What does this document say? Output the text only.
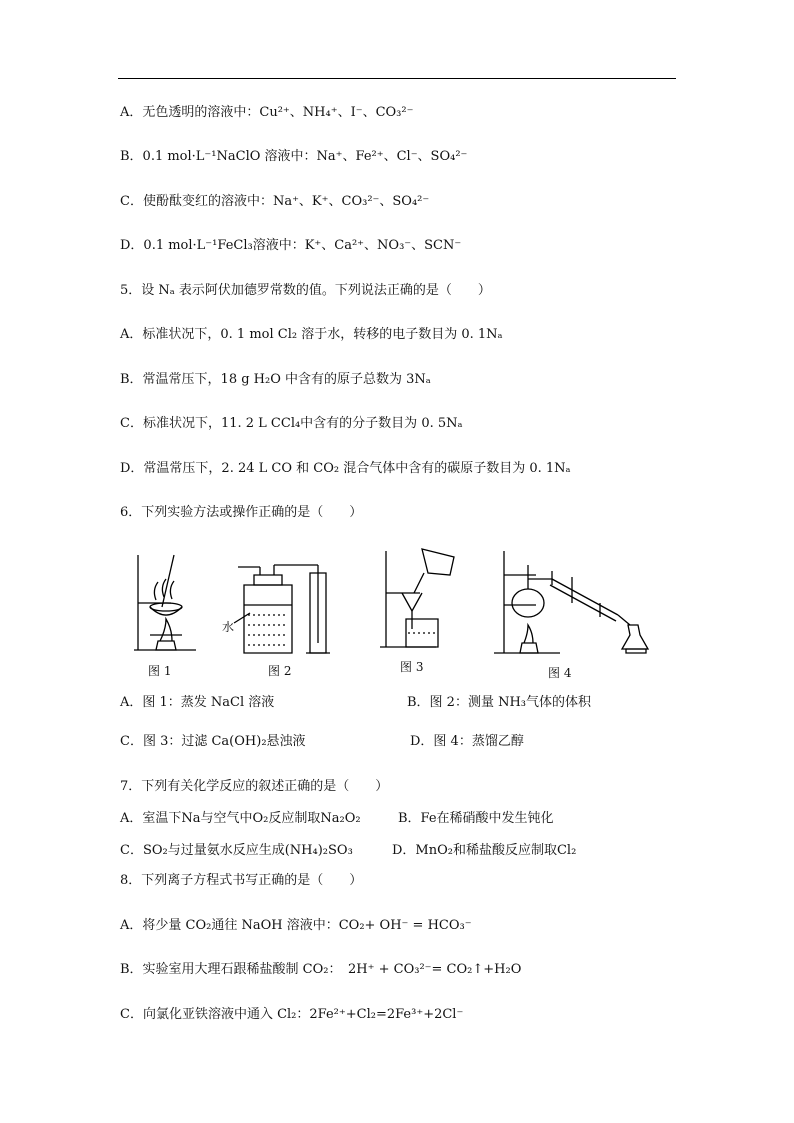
A．无色透明的溶液中：Cu²⁺、NH₄⁺、I⁻、CO₃²⁻
B．0.1 mol·L⁻¹NaClO 溶液中：Na⁺、Fe²⁺、Cl⁻、SO₄²⁻
C．使酚酞变红的溶液中：Na⁺、K⁺、CO₃²⁻、SO₄²⁻
D．0.1 mol·L⁻¹FeCl₃溶液中：K⁺、Ca²⁺、NO₃⁻、SCN⁻
5．设 Nₐ 表示阿伏加德罗常数的值。下列说法正确的是（　　）
A．标准状况下，0. 1 mol Cl₂ 溶于水，转移的电子数目为 0. 1Nₐ
B．常温常压下，18 g H₂O 中含有的原子总数为 3Nₐ
C．标准状况下，11. 2 L CCl₄中含有的分子数目为 0. 5Nₐ
D．常温常压下，2. 24 L CO 和 CO₂ 混合气体中含有的碳原子数目为 0. 1Nₐ
6．下列实验方法或操作正确的是（　　）
图 1
水
图 2	图 3	图 4
A．图 1：蒸发 NaCl 溶液	B．图 2：测量 NH₃气体的体积
C．图 3：过滤 Ca(OH)₂悬浊液	D．图 4：蒸馏乙醇
7．下列有关化学反应的叙述正确的是（　　）
A．室温下Na与空气中O₂反应制取Na₂O₂	B．Fe在稀硝酸中发生钝化
C．SO₂与过量氨水反应生成(NH₄)₂SO₃	D．MnO₂和稀盐酸反应制取Cl₂
8．下列离子方程式书写正确的是（　　）
A．将少量 CO₂通往 NaOH 溶液中：CO₂+ OH⁻ = HCO₃⁻
B．实验室用大理石跟稀盐酸制 CO₂：　2H⁺ + CO₃²⁻= CO₂↑+H₂O
C．向氯化亚铁溶液中通入 Cl₂：2Fe²⁺+Cl₂=2Fe³⁺+2Cl⁻
